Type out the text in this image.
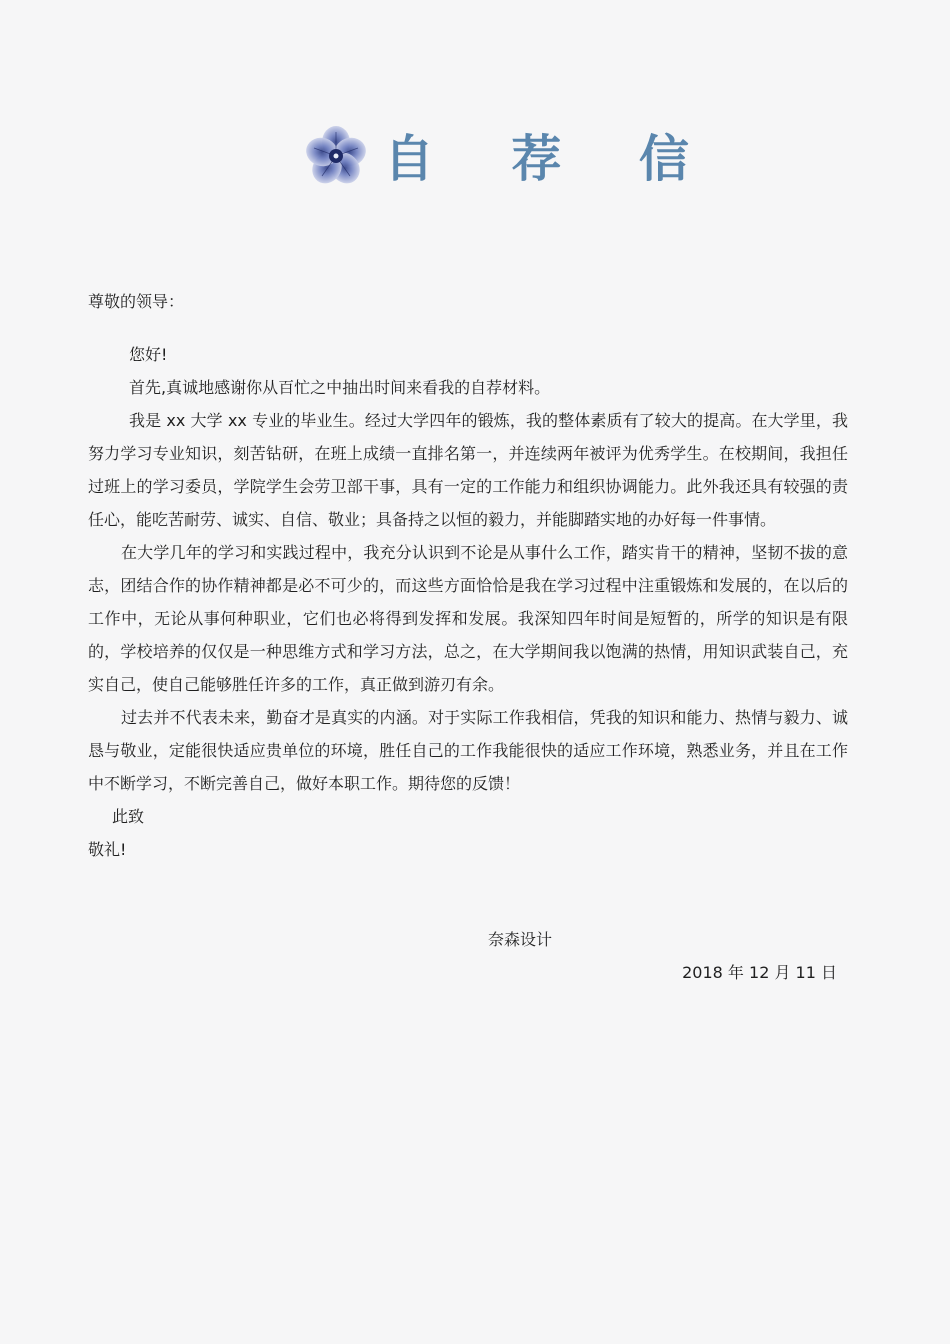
自 荐 信

尊敬的领导：

您好!

首先,真诚地感谢你从百忙之中抽出时间来看我的自荐材料。

我是 xx 大学 xx 专业的毕业生。经过大学四年的锻炼，我的整体素质有了较大的提高。在大学里，我努力学习专业知识，刻苦钻研，在班上成绩一直排名第一，并连续两年被评为优秀学生。在校期间，我担任过班上的学习委员，学院学生会劳卫部干事，具有一定的工作能力和组织协调能力。此外我还具有较强的责任心，能吃苦耐劳、诚实、自信、敬业；具备持之以恒的毅力，并能脚踏实地的办好每一件事情。

在大学几年的学习和实践过程中，我充分认识到不论是从事什么工作，踏实肯干的精神，坚韧不拔的意志，团结合作的协作精神都是必不可少的，而这些方面恰恰是我在学习过程中注重锻炼和发展的，在以后的工作中，无论从事何种职业，它们也必将得到发挥和发展。我深知四年时间是短暂的，所学的知识是有限的，学校培养的仅仅是一种思维方式和学习方法，总之，在大学期间我以饱满的热情，用知识武装自己，充实自己，使自己能够胜任许多的工作，真正做到游刃有余。

过去并不代表未来，勤奋才是真实的内涵。对于实际工作我相信，凭我的知识和能力、热情与毅力、诚恳与敬业，定能很快适应贵单位的环境，胜任自己的工作我能很快的适应工作环境，熟悉业务，并且在工作中不断学习，不断完善自己，做好本职工作。期待您的反馈！

此致

敬礼!

奈森设计
2018 年 12 月 11 日
